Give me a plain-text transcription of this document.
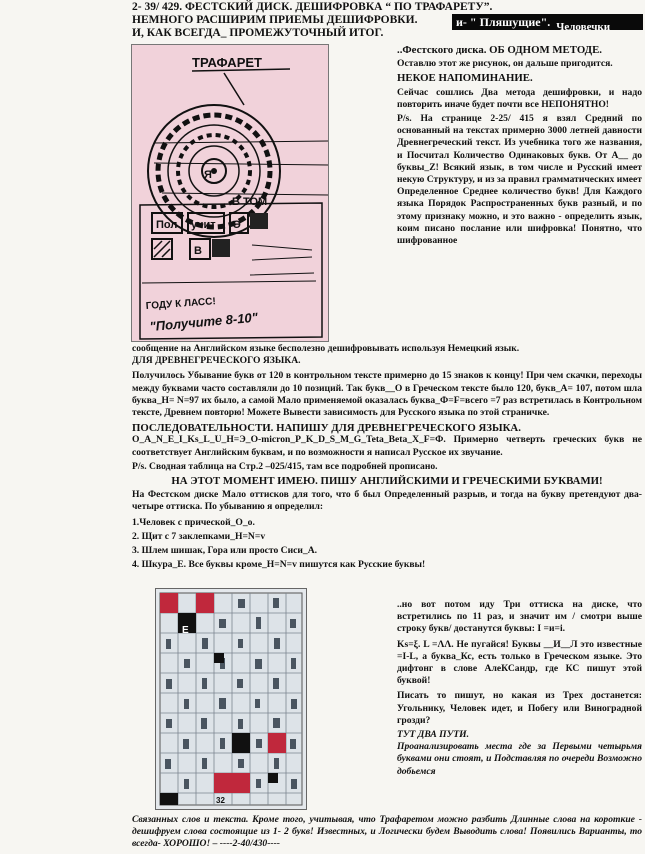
2- 39/ 429. ФЕСТСКИЙ ДИСК. ДЕШИФРОВКА “ ПО ТРАФАРЕТУ”.
НЕМНОГО РАСШИРИМ ПРИЕМЫ ДЕШИФРОВКИ.
И, КАК ВСЕГДА_ ПРОМЕЖУТОЧНЫЙ ИТОГ.
и- " Пляшущие". Человечки
ТРАФАРЕТ
Я
В ТОМ
Пол учит Э
В
ГОДУ К ЛАСС!
"Получите 8-10"

..Фестского диска. ОБ ОДНОМ МЕТОДЕ.

Оставлю этот же рисунок, он дальше пригодится.

НЕКОЕ НАПОМИНАНИЕ.

Сейчас сошлись Два метода дешифровки, и надо повторить иначе будет почти все НЕПОНЯТНО!

P/s. На странице 2-25/ 415 я взял Средний по основанный на текстах примерно 3000 летней давности Древнегреческий текст. Из учебника того же названия, и Посчитал Количество Одинаковых букв. От А__ до буквы_Z! Всякий язык, в том числе и Русский имеет некую Структуру, и из за правил грамматических имеет Определенное Среднее количество букв! Для Каждого языка Порядок Распространенных букв разный, и по этому признаку можно, и это важно - определить язык, коим писано послание или шифровка! Понятно, что шифрованное

сообщение на Английском языке бесполезно дешифровывать используя Немецкий язык.

ДЛЯ ДРЕВНЕГРЕЧЕСКОГО ЯЗЫКА.

Получилось Убывание букв от 120 в контрольном тексте примерно до 15 знаков к концу! При чем скачки, переходы между буквами часто составляли до 10 позиций. Так букв__О в Греческом тексте было 120, букв_А= 107, потом шла буква_Н= N=97 их было, а самой Мало применяемой оказалась буква_Ф=F=всего =7 раз встретилась в Контрольном тексте, Древнем повторю! Можете Вывести зависимость для Русского языка по этой страничке.

ПОСЛЕДОВАТЕЛЬНОСТИ. НАПИШУ ДЛЯ ДРЕВНЕГРЕЧЕСКОГО ЯЗЫКА.

O_A_N_E_I_Ks_L_U_H=Э_O-micron_P_K_D_S_M_G_Teta_Beta_X_F=Ф. Примерно четверть греческих букв не соответствует Английским буквам, и по возможности я написал Русское их звучание.

P/s. Сводная таблица на Стр.2 –025/415, там все подробней прописано.

НА ЭТОТ МОМЕНТ ИМЕЮ. ПИШУ АНГЛИЙСКИМИ И ГРЕЧЕСКИМИ БУКВАМИ!

На Фестском диске Мало оттисков для того, что б был Определенный разрыв, и тогда на букву претендуют два- четыре оттиска. По убыванию я определил:

1.Человек с прической_О_о.

2. Щит с 7 заклепками_H=N=v

3. Шлем шишак, Гора или просто Сиси_А.

4. Шкура_Е. Все буквы кроме_H=N=v пишутся как Русские буквы!

Е
32

..но вот потом иду Три оттиска на диске, что встретились по 11 раз, и значит им / смотри выше строку букв/ достанутся буквы: I =и=i.

Ks=ξ. L =ΛΛ. Не пугайся! Буквы __И__Л это известные =I-L, а буква_Кс, есть только в Греческом языке. Это дифтонг в слове АлеКСандр, где КС пишут этой буквой!

Писать то пишут, но какая из Трех достанется: Угольнику, Человек идет, и Побегу или Виноградной грозди?

ТУТ ДВА ПУТИ.

Проанализировать места где за Первыми четырьмя буквами они стоят, и Подставляя по очереди Возможно добьемся

Связанных слов и текста. Кроме того, учитывая, что Трафаретом можно разбить Длинные слова на короткие - дешифруем слова состоящие из 1- 2 букв! Известных, и Логически будем Выводить слова! Появились Варианты, то всегда- ХОРОШО! – ----2-40/430----
